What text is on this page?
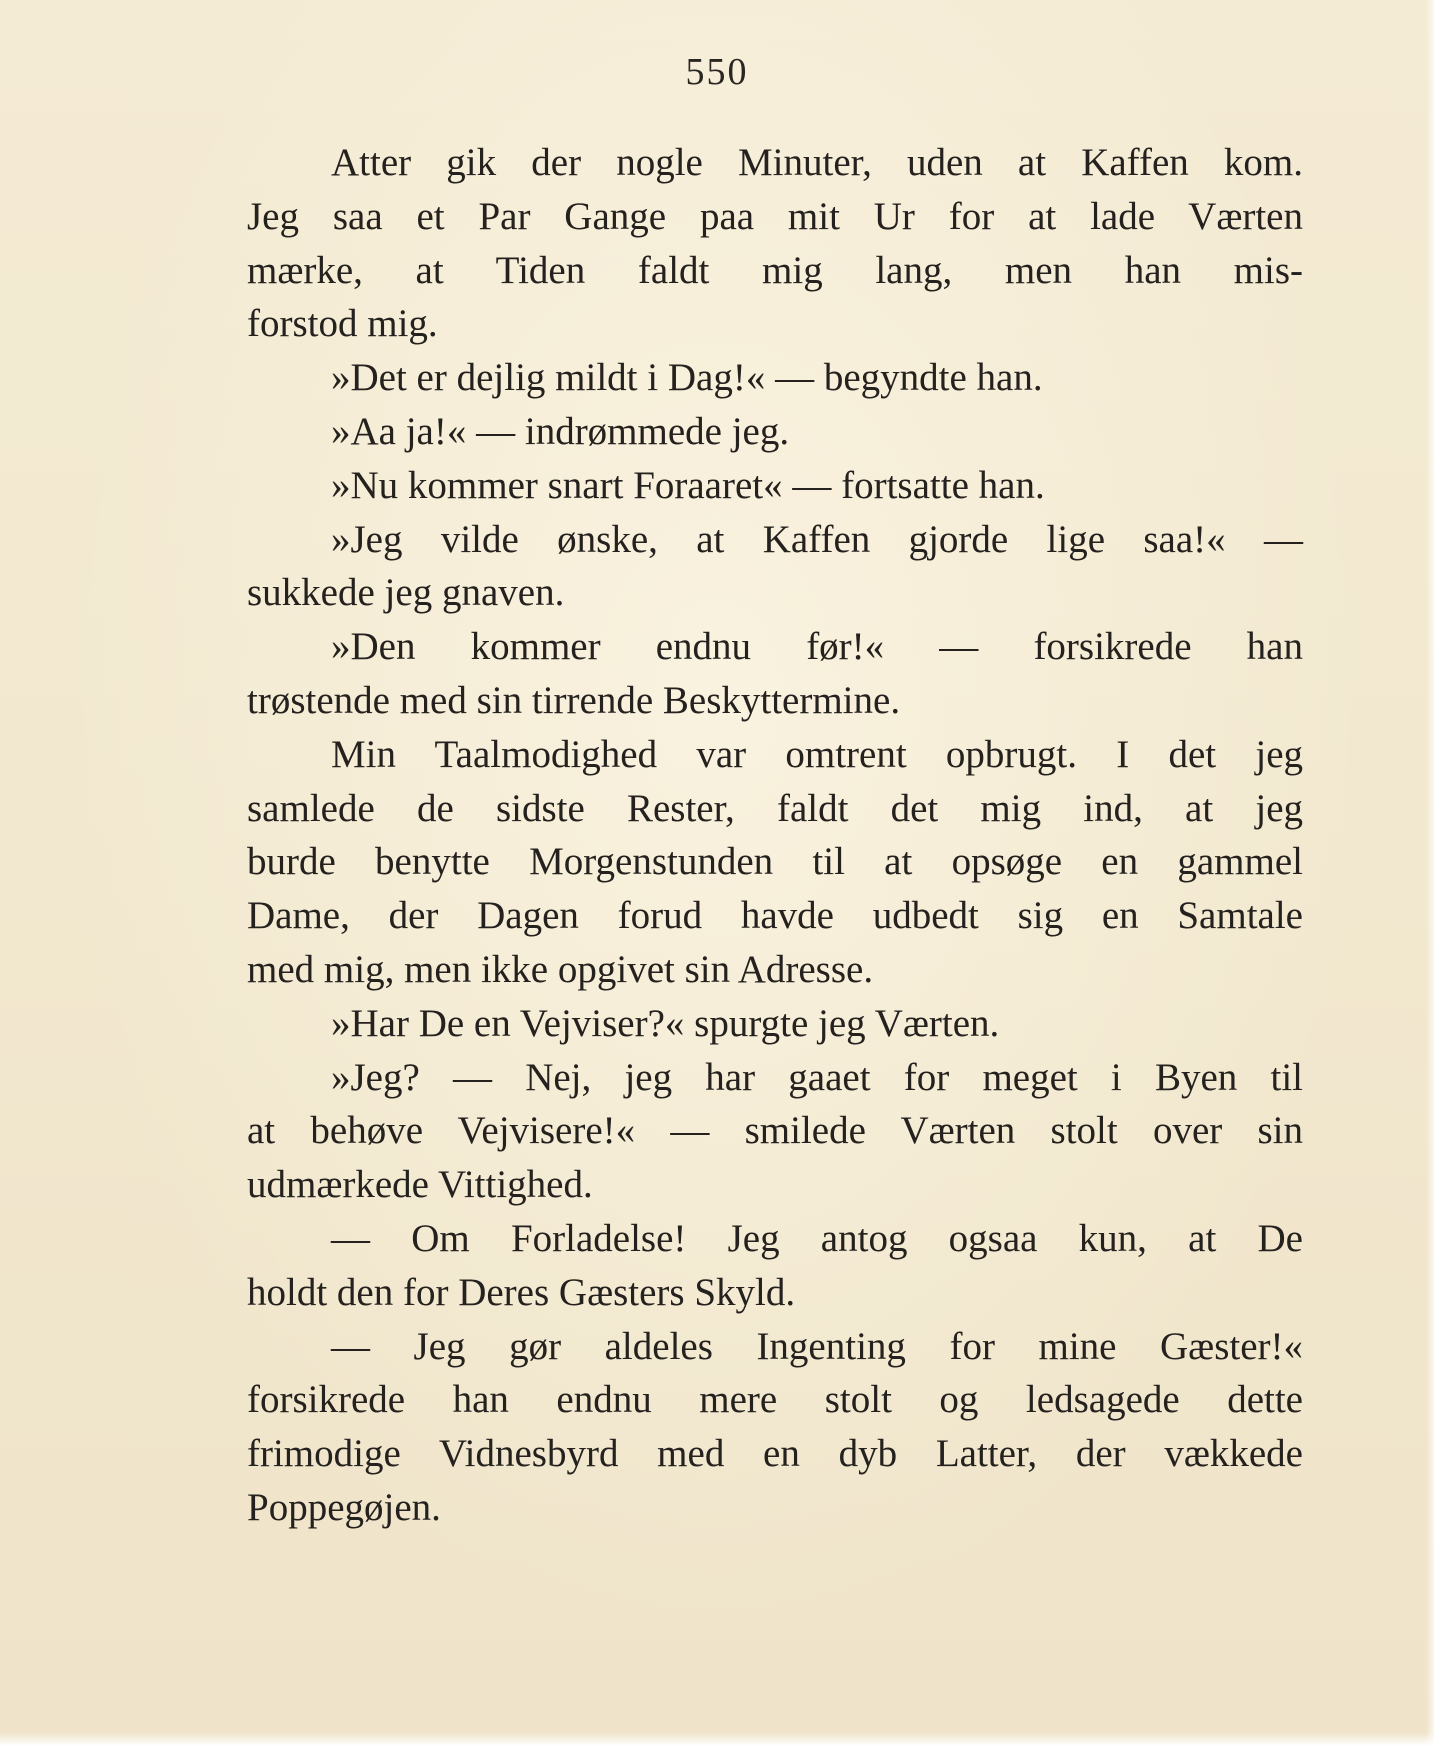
550
Atter gik der nogle Minuter, uden at Kaffen kom.
Jeg saa et Par Gange paa mit Ur for at lade Værten
mærke, at Tiden faldt mig lang, men han mis-
forstod mig.
»Det er dejlig mildt i Dag!« — begyndte han.
»Aa ja!« — indrømmede jeg.
»Nu kommer snart Foraaret« — fortsatte han.
»Jeg vilde ønske, at Kaffen gjorde lige saa!« —
sukkede jeg gnaven.
»Den kommer endnu før!« — forsikrede han
trøstende med sin tirrende Beskyttermine.
Min Taalmodighed var omtrent opbrugt. I det jeg
samlede de sidste Rester, faldt det mig ind, at jeg
burde benytte Morgenstunden til at opsøge en gammel
Dame, der Dagen forud havde udbedt sig en Samtale
med mig, men ikke opgivet sin Adresse.
»Har De en Vejviser?« spurgte jeg Værten.
»Jeg? — Nej, jeg har gaaet for meget i Byen til
at behøve Vejvisere!« — smilede Værten stolt over sin
udmærkede Vittighed.
— Om Forladelse! Jeg antog ogsaa kun, at De
holdt den for Deres Gæsters Skyld.
— Jeg gør aldeles Ingenting for mine Gæster!«
forsikrede han endnu mere stolt og ledsagede dette
frimodige Vidnesbyrd med en dyb Latter, der vækkede
Poppegøjen.
